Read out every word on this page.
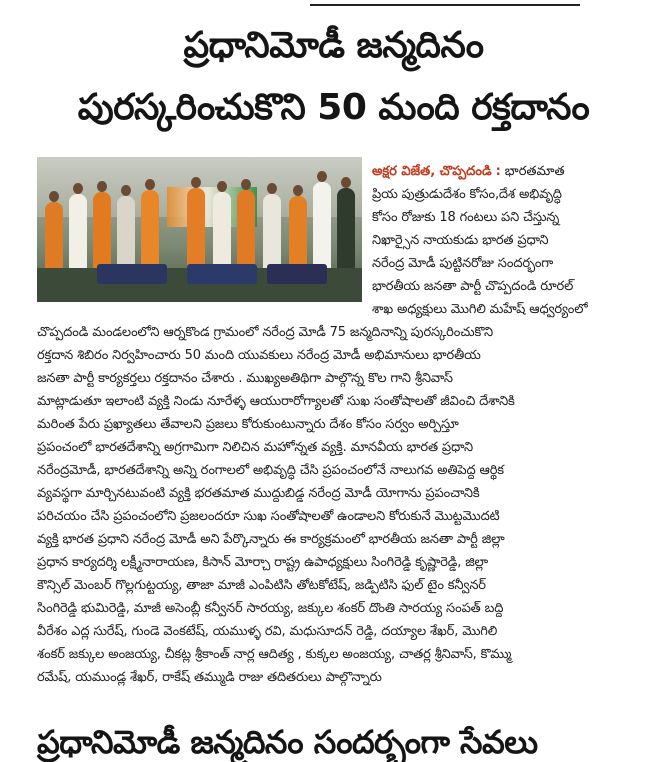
ప్రధానిమోడీ జన్మదినం
పురస్కరించుకొని 50 మంది రక్తదానం
అక్షర విజేత, చొప్పదండి : భారతమాత
ప్రియ పుత్రుడుదేశం కోసం,దేశ అభివృద్ధి
కోసం రోజుకు 18 గంటలు పని చేస్తున్న
నిఖార్సైన నాయకుడు భారత ప్రధాని
నరేంద్ర మోడీ పుట్టినరోజు సందర్భంగా
భారతీయ జనతా పార్టీ చొప్పదండి రూరల్
శాఖ అధ్యక్షులు మొగిలి మహేష్ ఆధ్వర్యంలో
చొప్పదండి మండలంలోని ఆర్నకొండ గ్రామంలో నరేంద్ర మోడీ 75 జన్మదినాన్ని పురస్కరించుకొని
రక్తదాన శిబిరం నిర్వహించారు 50 మంది యువకులు నరేంద్ర మోడీ అభిమానులు భారతీయ
జనతా పార్టీ కార్యకర్తలు రక్తదానం చేశారు . ముఖ్యఅతిథిగా పాల్గొన్న కొల గాని శ్రీనివాస్
మాట్లాడుతూ ఇలాంటి వ్యక్తి నిండు నూరేళ్ళ ఆయురారోగ్యాలతో సుఖ సంతోషాలతో జీవించి దేశానికి
మరింత పేరు ప్రఖ్యాతలు తేవాలని ప్రజలు కోరుకుంటున్నారు దేశం కోసం సర్వం అర్పిస్తూ
ప్రపంచంలో భారతదేశాన్ని అగ్రగామిగా నిలిచిన మహోన్నత వ్యక్తి. మానవీయ భారత ప్రధాని
నరేంద్రమోడీ, భారతదేశాన్ని అన్ని రంగాలలో అభివృద్ధి చేసి ప్రపంచంలోనే నాలుగవ అతిపెద్ద ఆర్థిక
వ్యవస్థగా మార్చినటువంటి వ్యక్తి భరతమాత ముద్దుబిడ్డ నరేంద్ర మోడీ యోగాను ప్రపంచానికి
పరిచయం చేసి ప్రపంచంలోని ప్రజలందరూ సుఖ సంతోషాలతో ఉండాలని కోరుకునే మొట్టమొదటి
వ్యక్తి భారత ప్రధాని నరేంద్ర మోడీ అని పేర్కొన్నారు ఈ కార్యక్రమంలో భారతీయ జనతా పార్టీ జిల్లా
ప్రధాన కార్యదర్శి లక్ష్మీనారాయణ, కిసాన్ మోర్చా రాష్ట్ర ఉపాధ్యక్షులు సింగిరెడ్డి కృష్ణారెడ్డి, జిల్లా
కౌన్సిల్ మెంబర్ గొల్లగుట్టయ్య, తాజా మాజీ ఎంపిటిసి తోటకోటేష్, జడ్పిటిసి ఫుల్ టైం కన్వీనర్
సింగిరెడ్డి భుమిరెడ్డి, మాజీ అసెంబ్లీ కన్వీనర్ సారయ్య, జక్కుల శంకర్ దొంతి సారయ్య సంపత్ బద్ది
వీరేశం ఎద్ల సురేష్, గుండె వెంకటేష్, యముళ్ళ రవి, మధుసూదన్ రెడ్డి, దయ్యాల శేఖర్, మొగిలి
శంకర్ జక్కుల అంజయ్య, చీకట్ల శ్రీకాంత్ నార్ల ఆదిత్య , కుక్కల అంజయ్య, చాతర్ల శ్రీనివాస్, కొమ్ము
రమేష్, యముండ్ల శేఖర్, రాకేష్ తమ్ముడి రాజు తదితరులు పాల్గొన్నారు
ప్రధానిమోడీ జన్మదినం సందర్భంగా సేవలు
